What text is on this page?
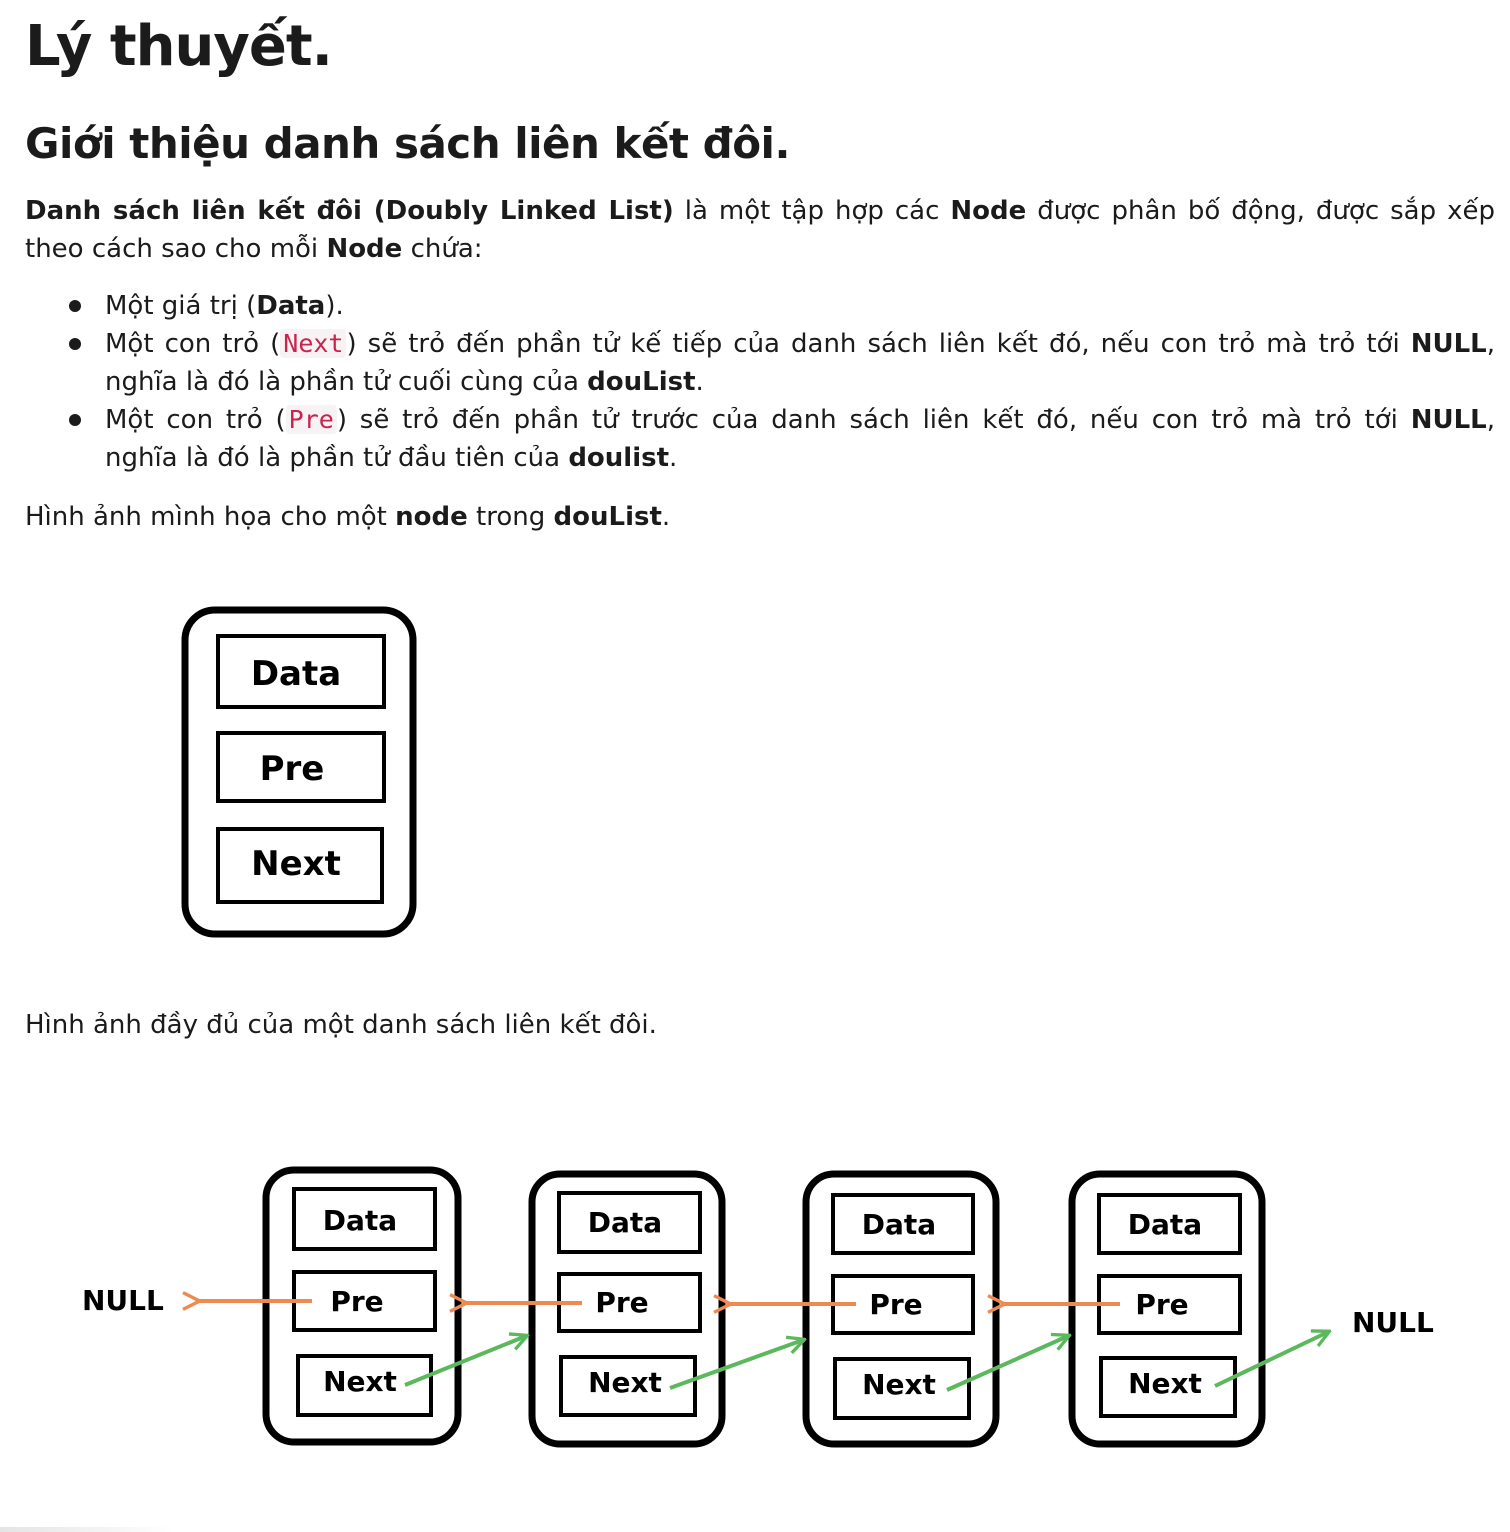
Lý thuyết.
Giới thiệu danh sách liên kết đôi.

Danh sách liên kết đôi (Doubly Linked List) là một tập hợp các Node được phân bố động, được sắp xếp
theo cách sao cho mỗi Node chứa:

Một giá trị (Data).
Một con trỏ ( Next ) sẽ trỏ đến phần tử kế tiếp của danh sách liên kết đó, nếu con trỏ mà trỏ tới NULL,
nghĩa là đó là phần tử cuối cùng của douList.
Một con trỏ ( Pre ) sẽ trỏ đến phần tử trước của danh sách liên kết đó, nếu con trỏ mà trỏ tới NULL,
nghĩa là đó là phần tử đầu tiên của doulist.

Hình ảnh mình họa cho một node trong douList.

Hình ảnh đầy đủ của một danh sách liên kết đôi.

Data
Pre
Next
NULL
NULL
Data
Pre
Next
Data
Pre
Next
Data
Pre
Next
Data
Pre
Next
